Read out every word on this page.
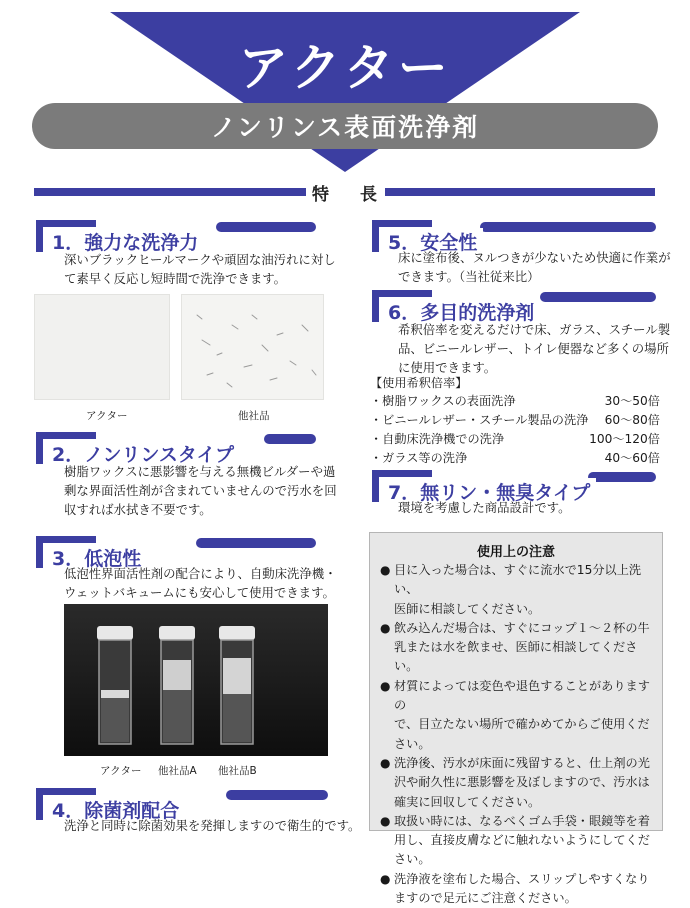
アクター
ノンリンス表面洗浄剤
特 長
1．強力な洗浄力
深いブラックヒールマークや頑固な油汚れに対し
て素早く反応し短時間で洗浄できます。
アクター	他社品
2．ノンリンスタイプ
樹脂ワックスに悪影響を与える無機ビルダーや過
剰な界面活性剤が含まれていませんので汚水を回
収すれば水拭き不要です。
3．低泡性
低泡性界面活性剤の配合により、自動床洗浄機・
ウェットバキュームにも安心して使用できます。
アクター 他社品A 他社品B
4．除菌剤配合
洗浄と同時に除菌効果を発揮しますので衛生的です。
5．安全性
床に塗布後、ヌルつきが少ないため快適に作業が
できます。（当社従来比）
6．多目的洗浄剤
希釈倍率を変えるだけで床、ガラス、スチール製
品、ビニールレザー、トイレ便器など多くの場所
に使用できます。
【使用希釈倍率】
・樹脂ワックスの表面洗浄	30～50倍
・ビニールレザー・スチール製品の洗浄 60～80倍
・自動床洗浄機での洗浄	100～120倍
・ガラス等の洗浄	40～60倍
7．無リン・無臭タイプ
環境を考慮した商品設計です。
使用上の注意
● 目に入った場合は、すぐに流水で15分以上洗い、
医師に相談してください。
● 飲み込んだ場合は、すぐにコップ１～２杯の牛
乳または水を飲ませ、医師に相談してください。
● 材質によっては変色や退色することがありますの
で、目立たない場所で確かめてからご使用くだ
さい。
● 洗浄後、汚水が床面に残留すると、仕上剤の光
沢や耐久性に悪影響を及ぼしますので、汚水は
確実に回収してください。
● 取扱い時には、なるべくゴム手袋・眼鏡等を着
用し、直接皮膚などに触れないようにしてくだ
さい。
● 洗浄液を塗布した場合、スリップしやすくなり
ますので足元にご注意ください。
